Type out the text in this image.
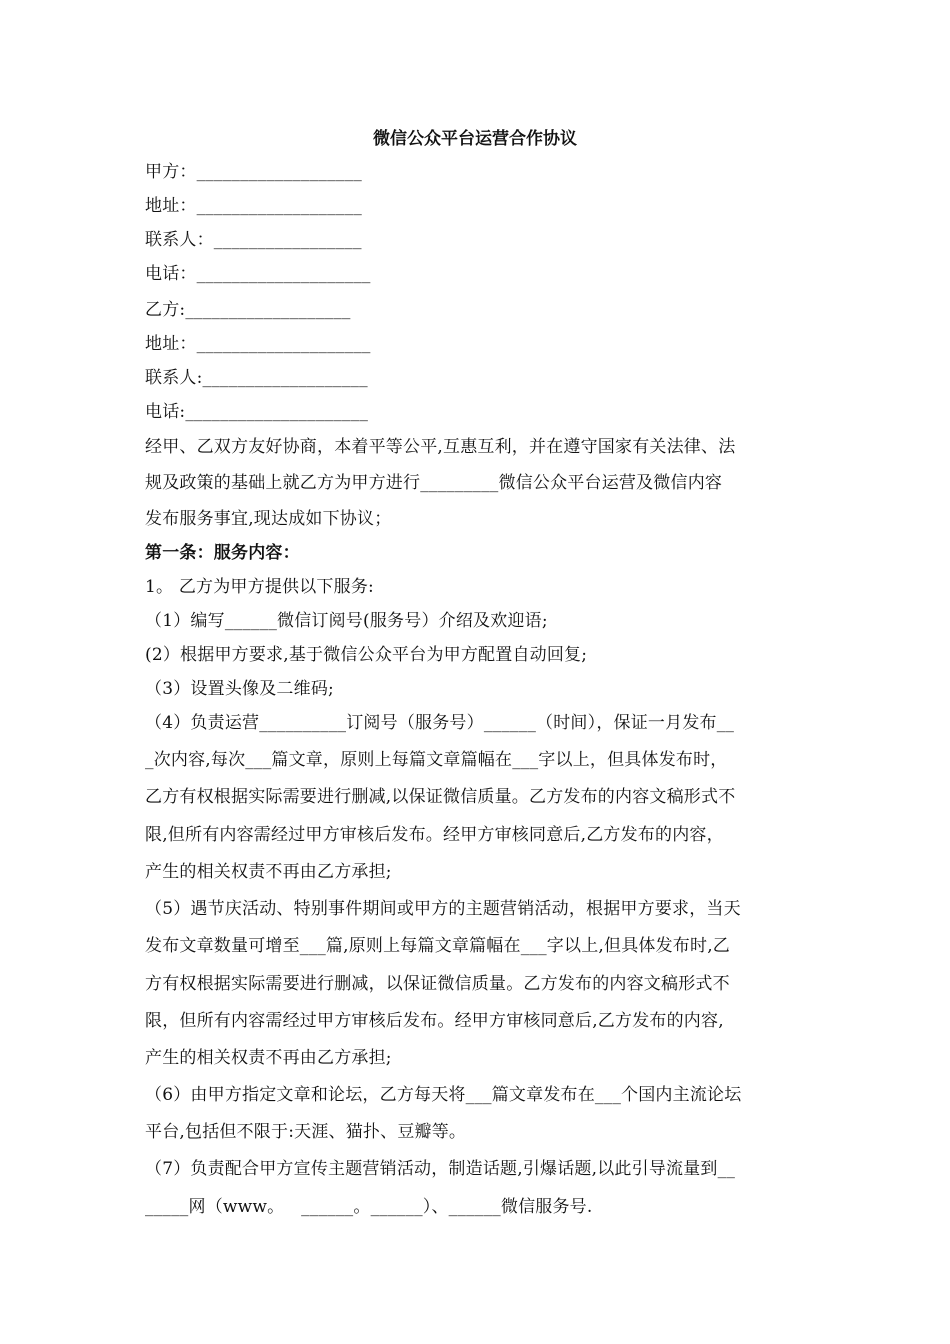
微信公众平台运营合作协议
甲方：___________________
地址：___________________
联系人：_________________
电话：____________________
乙方:___________________
地址：____________________
联系人:___________________
电话:_____________________
经甲、乙双方友好协商，本着平等公平,互惠互利，并在遵守国家有关法律、法
规及政策的基础上就乙方为甲方进行_________微信公众平台运营及微信内容
发布服务事宜,现达成如下协议；
第一条：服务内容：
1。 乙方为甲方提供以下服务:
（1）编写______微信订阅号(服务号）介绍及欢迎语;
(2）根据甲方要求,基于微信公众平台为甲方配置自动回复;
（3）设置头像及二维码;
（4）负责运营__________订阅号（服务号）______（时间），保证一月发布__
_次内容,每次___篇文章，原则上每篇文章篇幅在___字以上，但具体发布时，
乙方有权根据实际需要进行删减,以保证微信质量。乙方发布的内容文稿形式不
限,但所有内容需经过甲方审核后发布。经甲方审核同意后,乙方发布的内容，
产生的相关权责不再由乙方承担;
（5）遇节庆活动、特别事件期间或甲方的主题营销活动，根据甲方要求，当天
发布文章数量可增至___篇,原则上每篇文章篇幅在___字以上,但具体发布时,乙
方有权根据实际需要进行删减，以保证微信质量。乙方发布的内容文稿形式不
限，但所有内容需经过甲方审核后发布。经甲方审核同意后,乙方发布的内容,
产生的相关权责不再由乙方承担;
（6）由甲方指定文章和论坛，乙方每天将___篇文章发布在___个国内主流论坛
平台,包括但不限于:天涯、猫扑、豆瓣等。
（7）负责配合甲方宣传主题营销活动，制造话题,引爆话题,以此引导流量到__
_____网（www。   ______。______）、______微信服务号.
